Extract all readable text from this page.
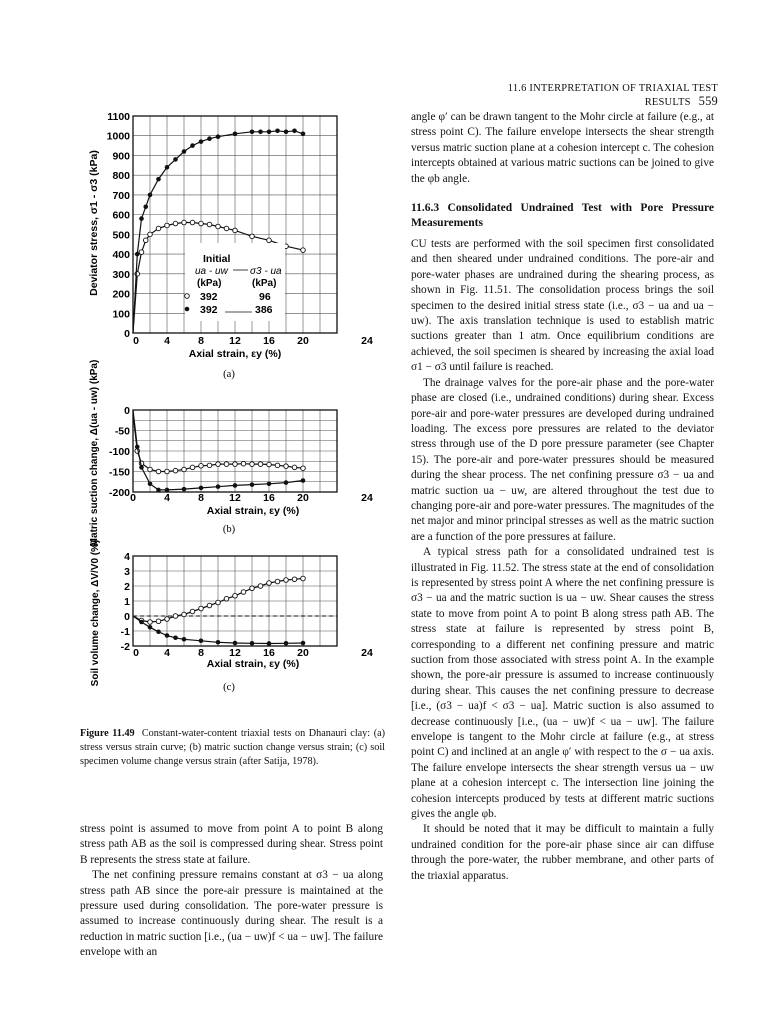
11.6 INTERPRETATION OF TRIAXIAL TEST RESULTS 559
0 4	8 12 16 20	24
0
100
200
300
400
500
600
700
800
900
1000
1100
Initial
ua - uw σ3 - ua
(kPa)	(kPa)
392	96
392	386
Axial strain, εy (%)
Deviator stress, σ1 - σ3 (kPa)
(a)
0	4	8 12 16 20	24
0
-50
-100
-150
-200
Axial strain, εy (%)
Matric suction change, Δ(ua - uw) (kPa)	(b)
0 4	8 12 16 20	24
4
3
2
1
0
-1
-2
Axial strain, εy (%)
Soil volume change, ΔV/V0 (%)
(c)
Figure 11.49 Constant-water-content triaxial tests on Dhanauri clay: (a) stress versus strain curve; (b) matric suction change versus strain; (c) soil specimen volume change versus strain (after Satija, 1978).

angle φ′ can be drawn tangent to the Mohr circle at failure (e.g., at stress point C). The failure envelope intersects the shear strength versus matric suction plane at a cohesion intercept c. The cohesion intercepts obtained at various matric suctions can be joined to give the φb angle.

11.6.3 Consolidated Undrained Test with Pore Pressure Measurements

CU tests are performed with the soil specimen first consolidated and then sheared under undrained conditions. The pore-air and pore-water phases are undrained during the shearing process, as shown in Fig. 11.51. The consolidation process brings the soil specimen to the desired initial stress state (i.e., σ3 − ua and ua − uw). The axis translation technique is used to establish matric suctions greater than 1 atm. Once equilibrium conditions are achieved, the soil specimen is sheared by increasing the axial load σ1 − σ3 until failure is reached.

The drainage valves for the pore-air phase and the pore-water phase are closed (i.e., undrained conditions) during shear. Excess pore-air and pore-water pressures are developed during undrained loading. The excess pore pressures are related to the deviator stress through use of the D pore pressure parameter (see Chapter 15). The pore-air and pore-water pressures should be measured during the shear process. The net confining pressure σ3 − ua and matric suction ua − uw, are altered throughout the test due to changing pore-air and pore-water pressures. The magnitudes of the net major and minor principal stresses as well as the matric suction are a function of the pore pressures at failure.

A typical stress path for a consolidated undrained test is illustrated in Fig. 11.52. The stress state at the end of consolidation is represented by stress point A where the net confining pressure is σ3 − ua and the matric suction is ua − uw. Shear causes the stress state to move from point A to point B along stress path AB. The stress state at failure is represented by stress point B, corresponding to a different net confining pressure and matric suction from those associated with stress point A. In the example shown, the pore-air pressure is assumed to increase continuously during shear. This causes the net confining pressure to decrease [i.e., (σ3 − ua)f < σ3 − ua]. Matric suction is also assumed to decrease continuously [i.e., (ua − uw)f < ua − uw]. The failure envelope is tangent to the Mohr circle at failure (e.g., at stress point C) and inclined at an angle φ′ with respect to the σ − ua axis. The failure envelope intersects the shear strength versus ua − uw plane at a cohesion intercept c. The intersection line joining the cohesion intercepts produced by tests at different matric suctions gives the angle φb.

It should be noted that it may be difficult to maintain a fully undrained condition for the pore-air phase since air can diffuse through the pore-water, the rubber membrane, and other parts of the triaxial apparatus.

stress point is assumed to move from point A to point B along stress path AB as the soil is compressed during shear. Stress point B represents the stress state at failure.

The net confining pressure remains constant at σ3 − ua along stress path AB since the pore-air pressure is maintained at the pressure used during consolidation. The pore-water pressure is assumed to increase continuously during shear. The result is a reduction in matric suction [i.e., (ua − uw)f < ua − uw]. The failure envelope with an
